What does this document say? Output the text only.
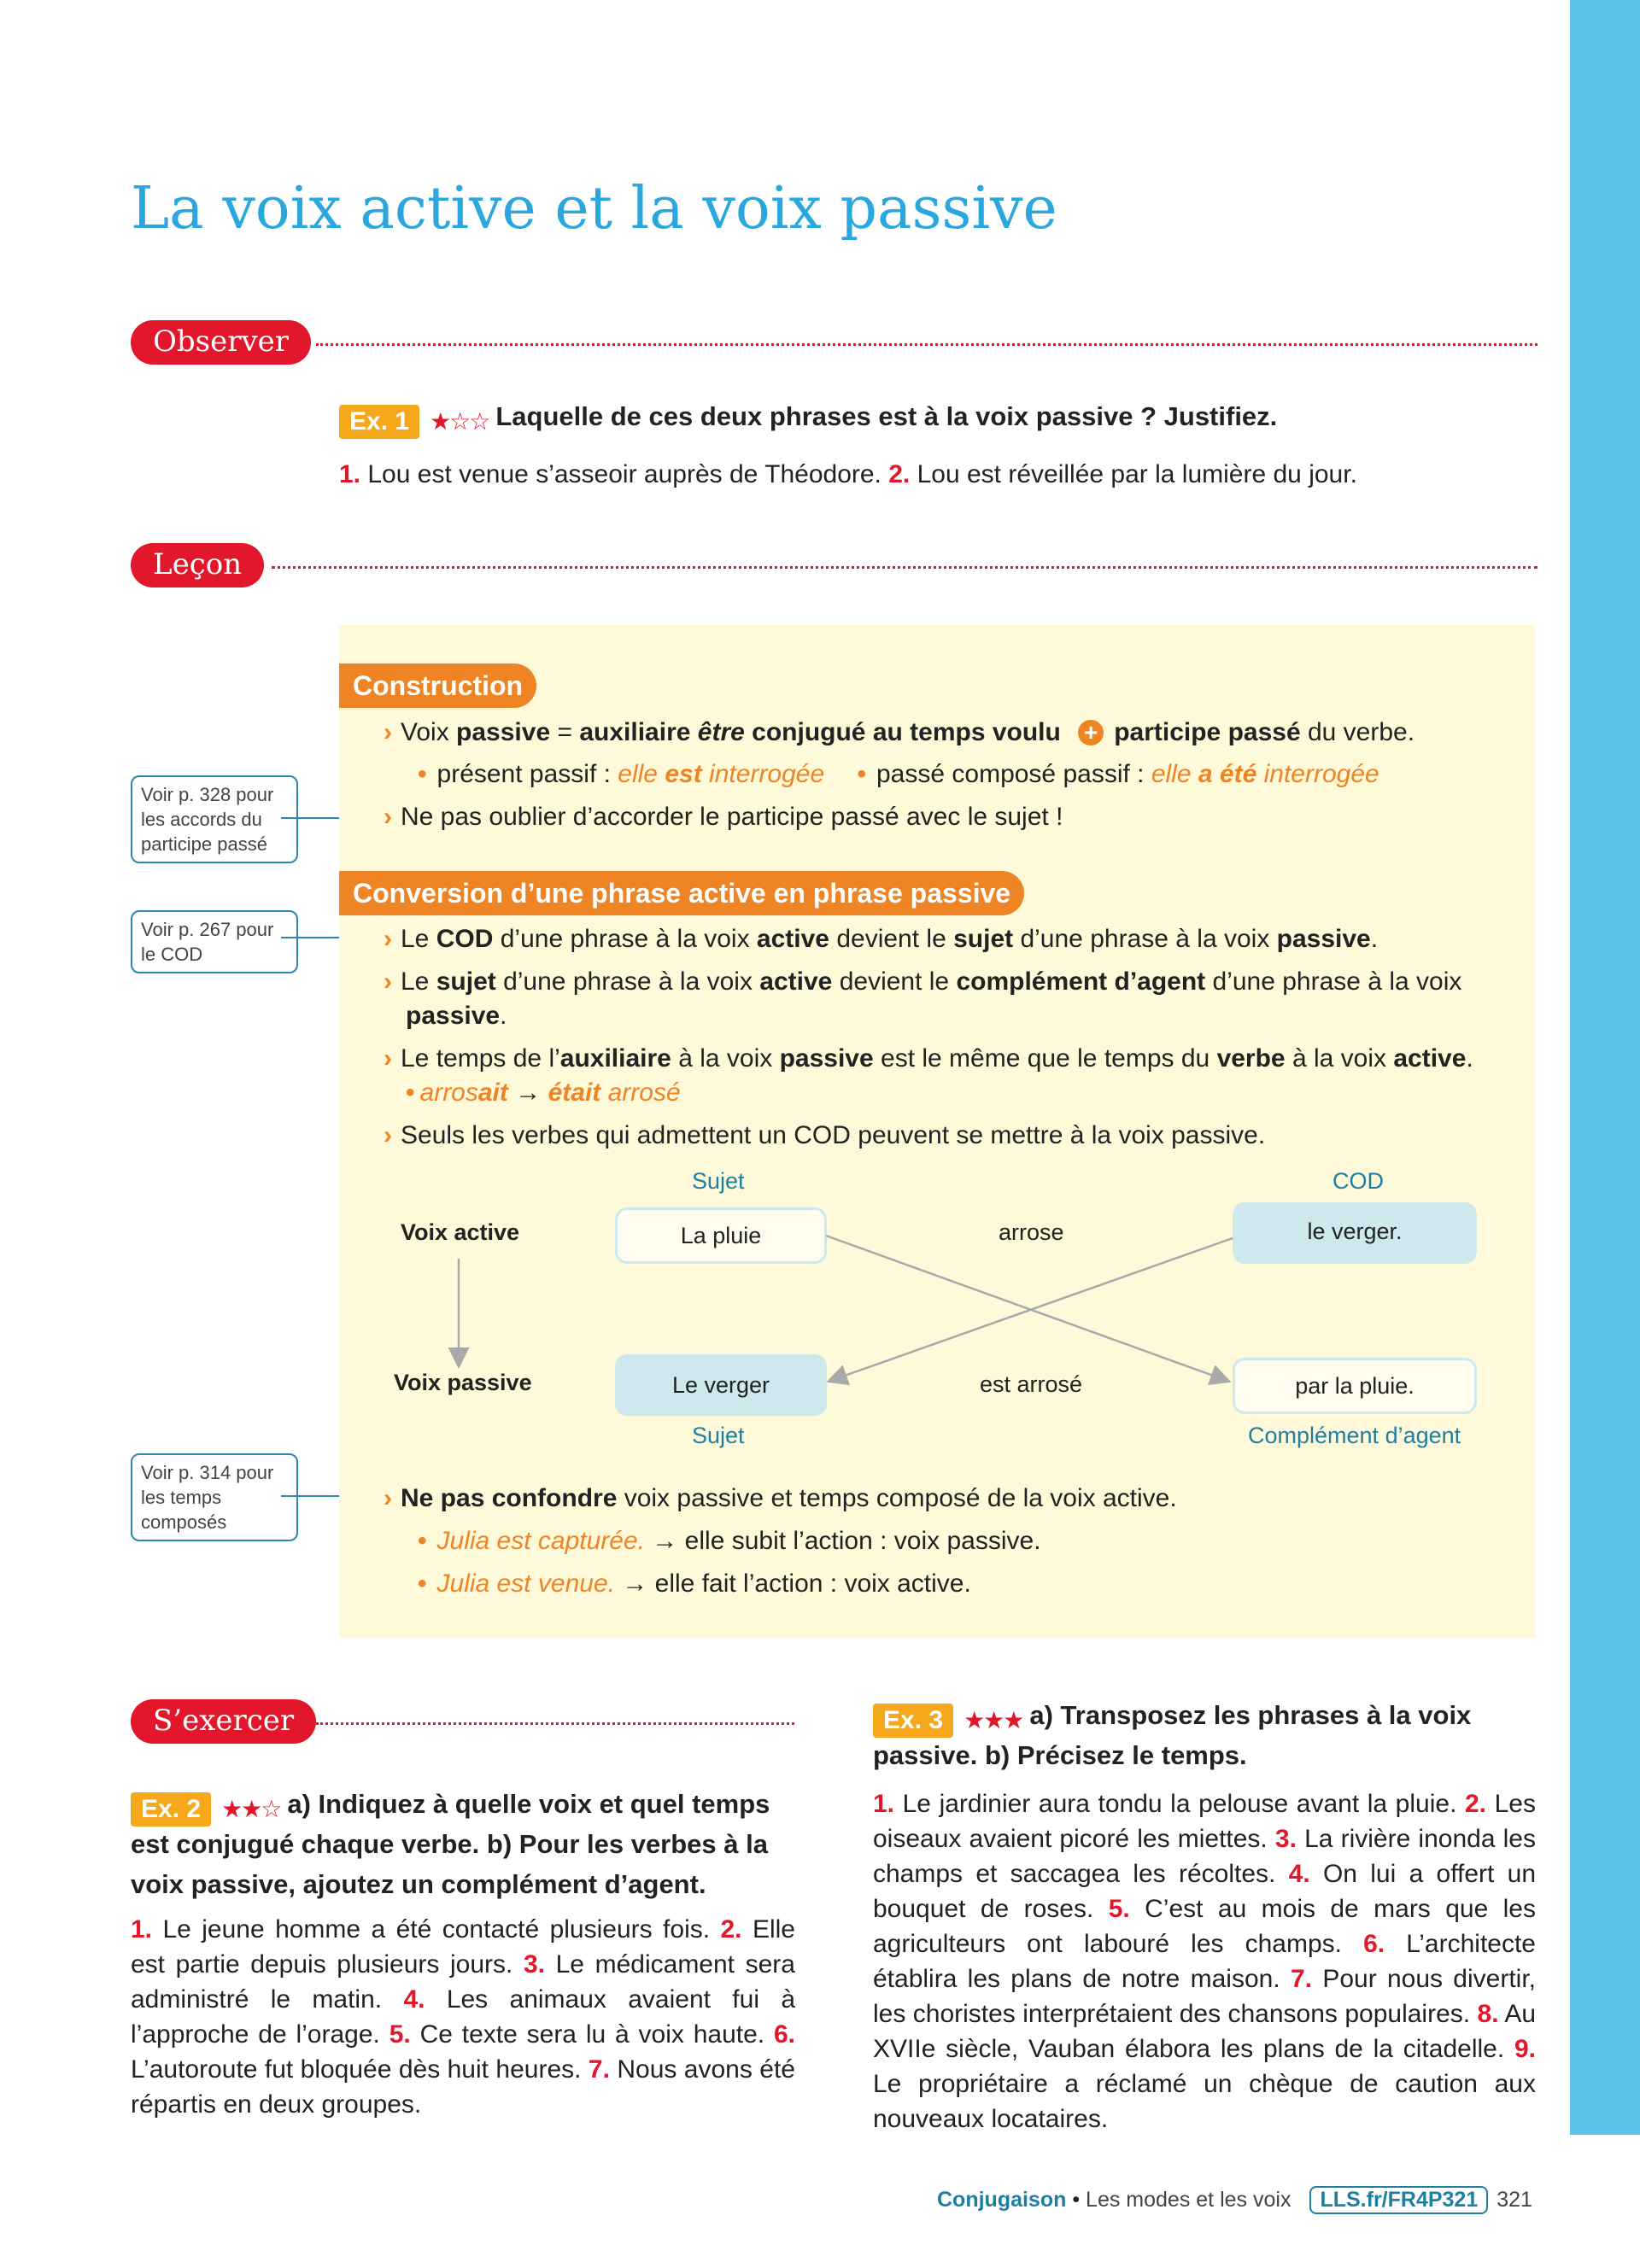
La voix active et la voix passive
Observer
Ex. 1 ★☆☆ Laquelle de ces deux phrases est à la voix passive ? Justifiez.
1. Lou est venue s’asseoir auprès de Théodore. 2. Lou est réveillée par la lumière du jour.
Leçon
Voir p. 328 pour les accords du participe passé
Voir p. 267 pour le COD
Voir p. 314 pour les temps composés
Construction
› Voix passive = auxiliaire être conjugué au temps voulu + participe passé du verbe.
• présent passif : elle est interrogée • passé composé passif : elle a été interrogée
› Ne pas oublier d’accorder le participe passé avec le sujet !
Conversion d’une phrase active en phrase passive
› Le COD d’une phrase à la voix active devient le sujet d’une phrase à la voix passive.
› Le sujet d’une phrase à la voix active devient le complément d’agent d’une phrase à la voix
passive.
› Le temps de l’auxiliaire à la voix passive est le même que le temps du verbe à la voix active.
• arrosait → était arrosé
› Seuls les verbes qui admettent un COD peuvent se mettre à la voix passive.
Sujet	COD
Voix active	La pluie	arrose	le verger.
Voix passive	Le verger	est arrosé	par la pluie.
Sujet	Complément d’agent
› Ne pas confondre voix passive et temps composé de la voix active.
• Julia est capturée. → elle subit l’action : voix passive.
• Julia est venue. → elle fait l’action : voix active.
S’exercer
Ex. 2 ★★☆ a) Indiquez à quelle voix et quel temps est conjugué chaque verbe. b) Pour les verbes à la voix passive, ajoutez un complément d’agent.
1. Le jeune homme a été contacté plusieurs fois. 2. Elle est partie depuis plusieurs jours. 3. Le médicament sera administré le matin. 4. Les animaux avaient fui à l’approche de l’orage. 5. Ce texte sera lu à voix haute. 6. L’autoroute fut bloquée dès huit heures. 7. Nous avons été répartis en deux groupes.
Ex. 3 ★★★ a) Transposez les phrases à la voix passive. b) Précisez le temps.
1. Le jardinier aura tondu la pelouse avant la pluie. 2. Les oiseaux avaient picoré les miettes. 3. La rivière inonda les champs et saccagea les récoltes. 4. On lui a offert un bouquet de roses. 5. C’est au mois de mars que les agriculteurs ont labouré les champs. 6. L’architecte établira les plans de notre maison. 7. Pour nous divertir, les choristes interprétaient des chansons populaires. 8. Au XVIIe siècle, Vauban élabora les plans de la citadelle. 9. Le propriétaire a réclamé un chèque de caution aux nouveaux locataires.
Conjugaison • Les modes et les voix LLS.fr/FR4P321 321
